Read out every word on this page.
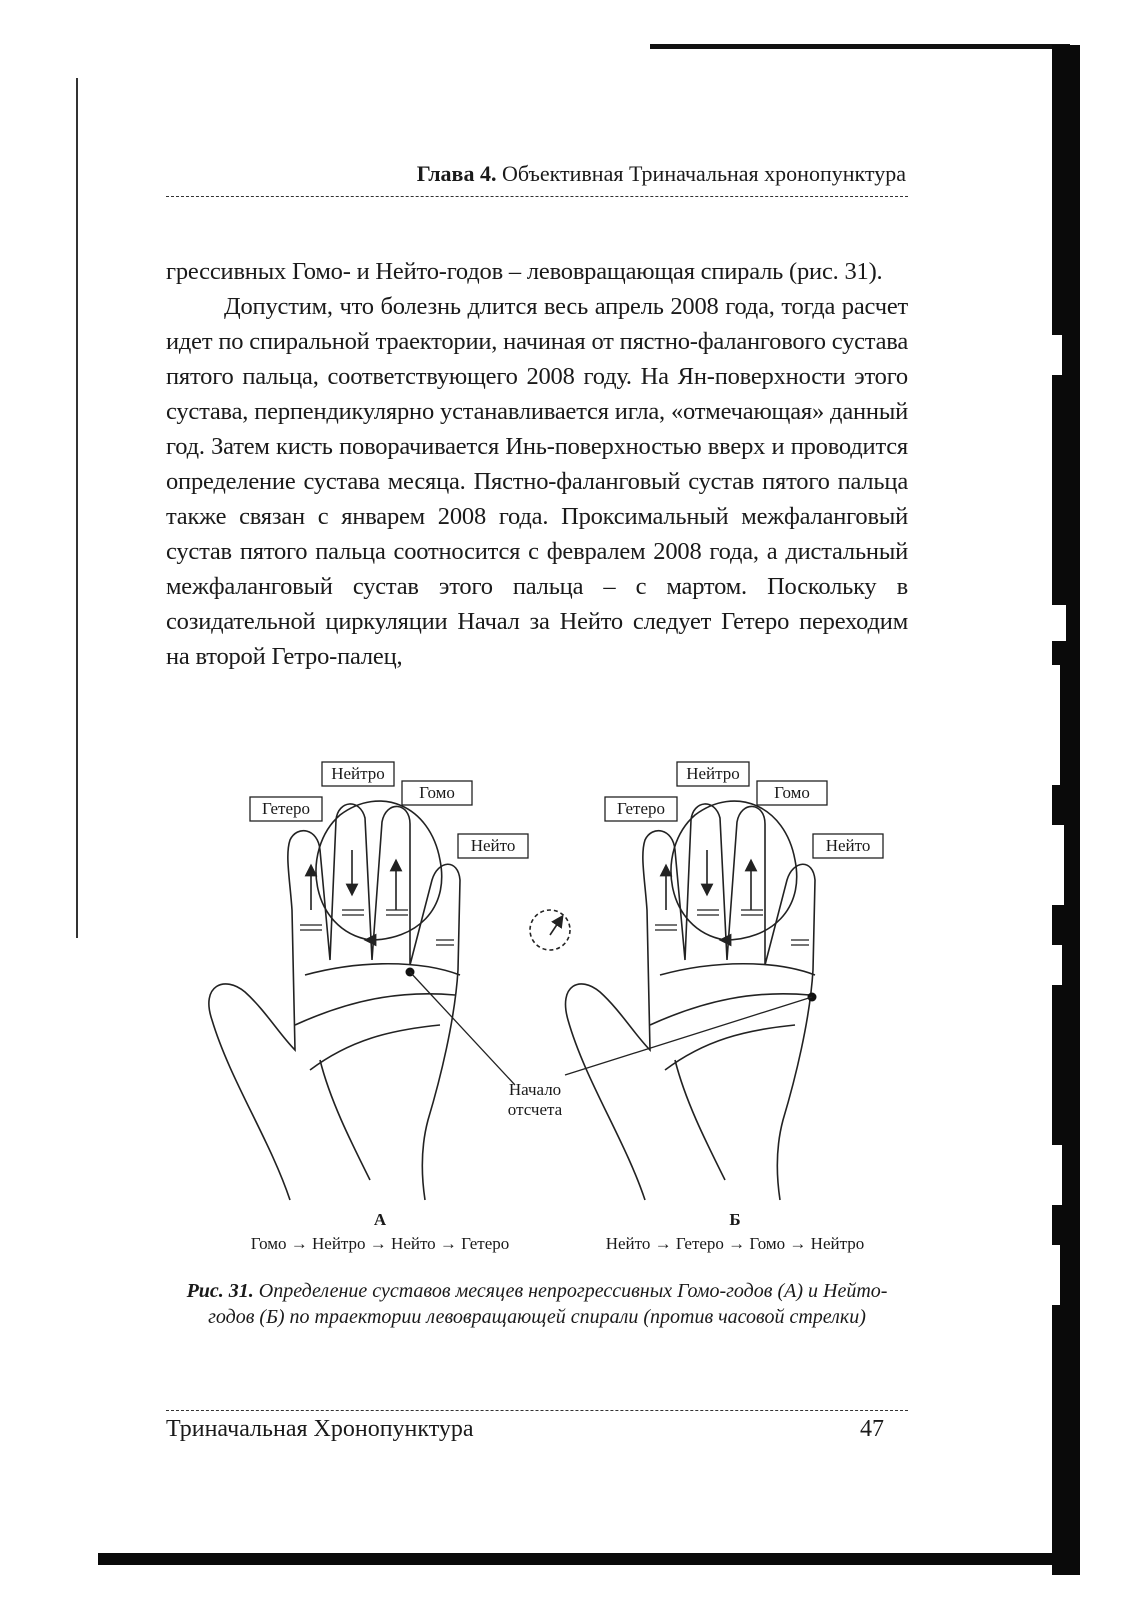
Глава 4. Объективная Триначальная хронопунктура

грессивных Гомо- и Нейто-годов – левовращающая спираль (рис. 31).

Допустим, что болезнь длится весь апрель 2008 года, тогда расчет идет по спиральной траектории, начиная от пястно-фалангового сустава пятого пальца, соответствующего 2008 году. На Ян-поверхности этого сустава, перпендикулярно устанавливается игла, «отмечающая» данный год. Затем кисть поворачивается Инь-поверхностью вверх и проводится определение сустава месяца. Пястно-фаланговый сустав пятого пальца также связан с январем 2008 года. Проксимальный межфаланговый сустав пятого пальца соотносится с февралем 2008 года, а дистальный межфаланговый сустав этого пальца – с мартом. Поскольку в созидательной циркуляции Начал за Нейто следует Гетеро переходим на второй Гетро-палец,

Нейтро
Гомо
Гетеро
Нейто
Нейтро
Гомо
Гетеро
Нейто
Начало
отсчета
А	Б
Гомо → Нейтро → Нейто → Гетеро	Нейто → Гетеро → Гомо → Нейтро
Рис. 31. Определение суставов месяцев непрогрессивных Гомо-годов (А) и Нейто-годов (Б) по траектории левовращающей спирали (против часовой стрелки)
Триначальная Хронопунктура	47
